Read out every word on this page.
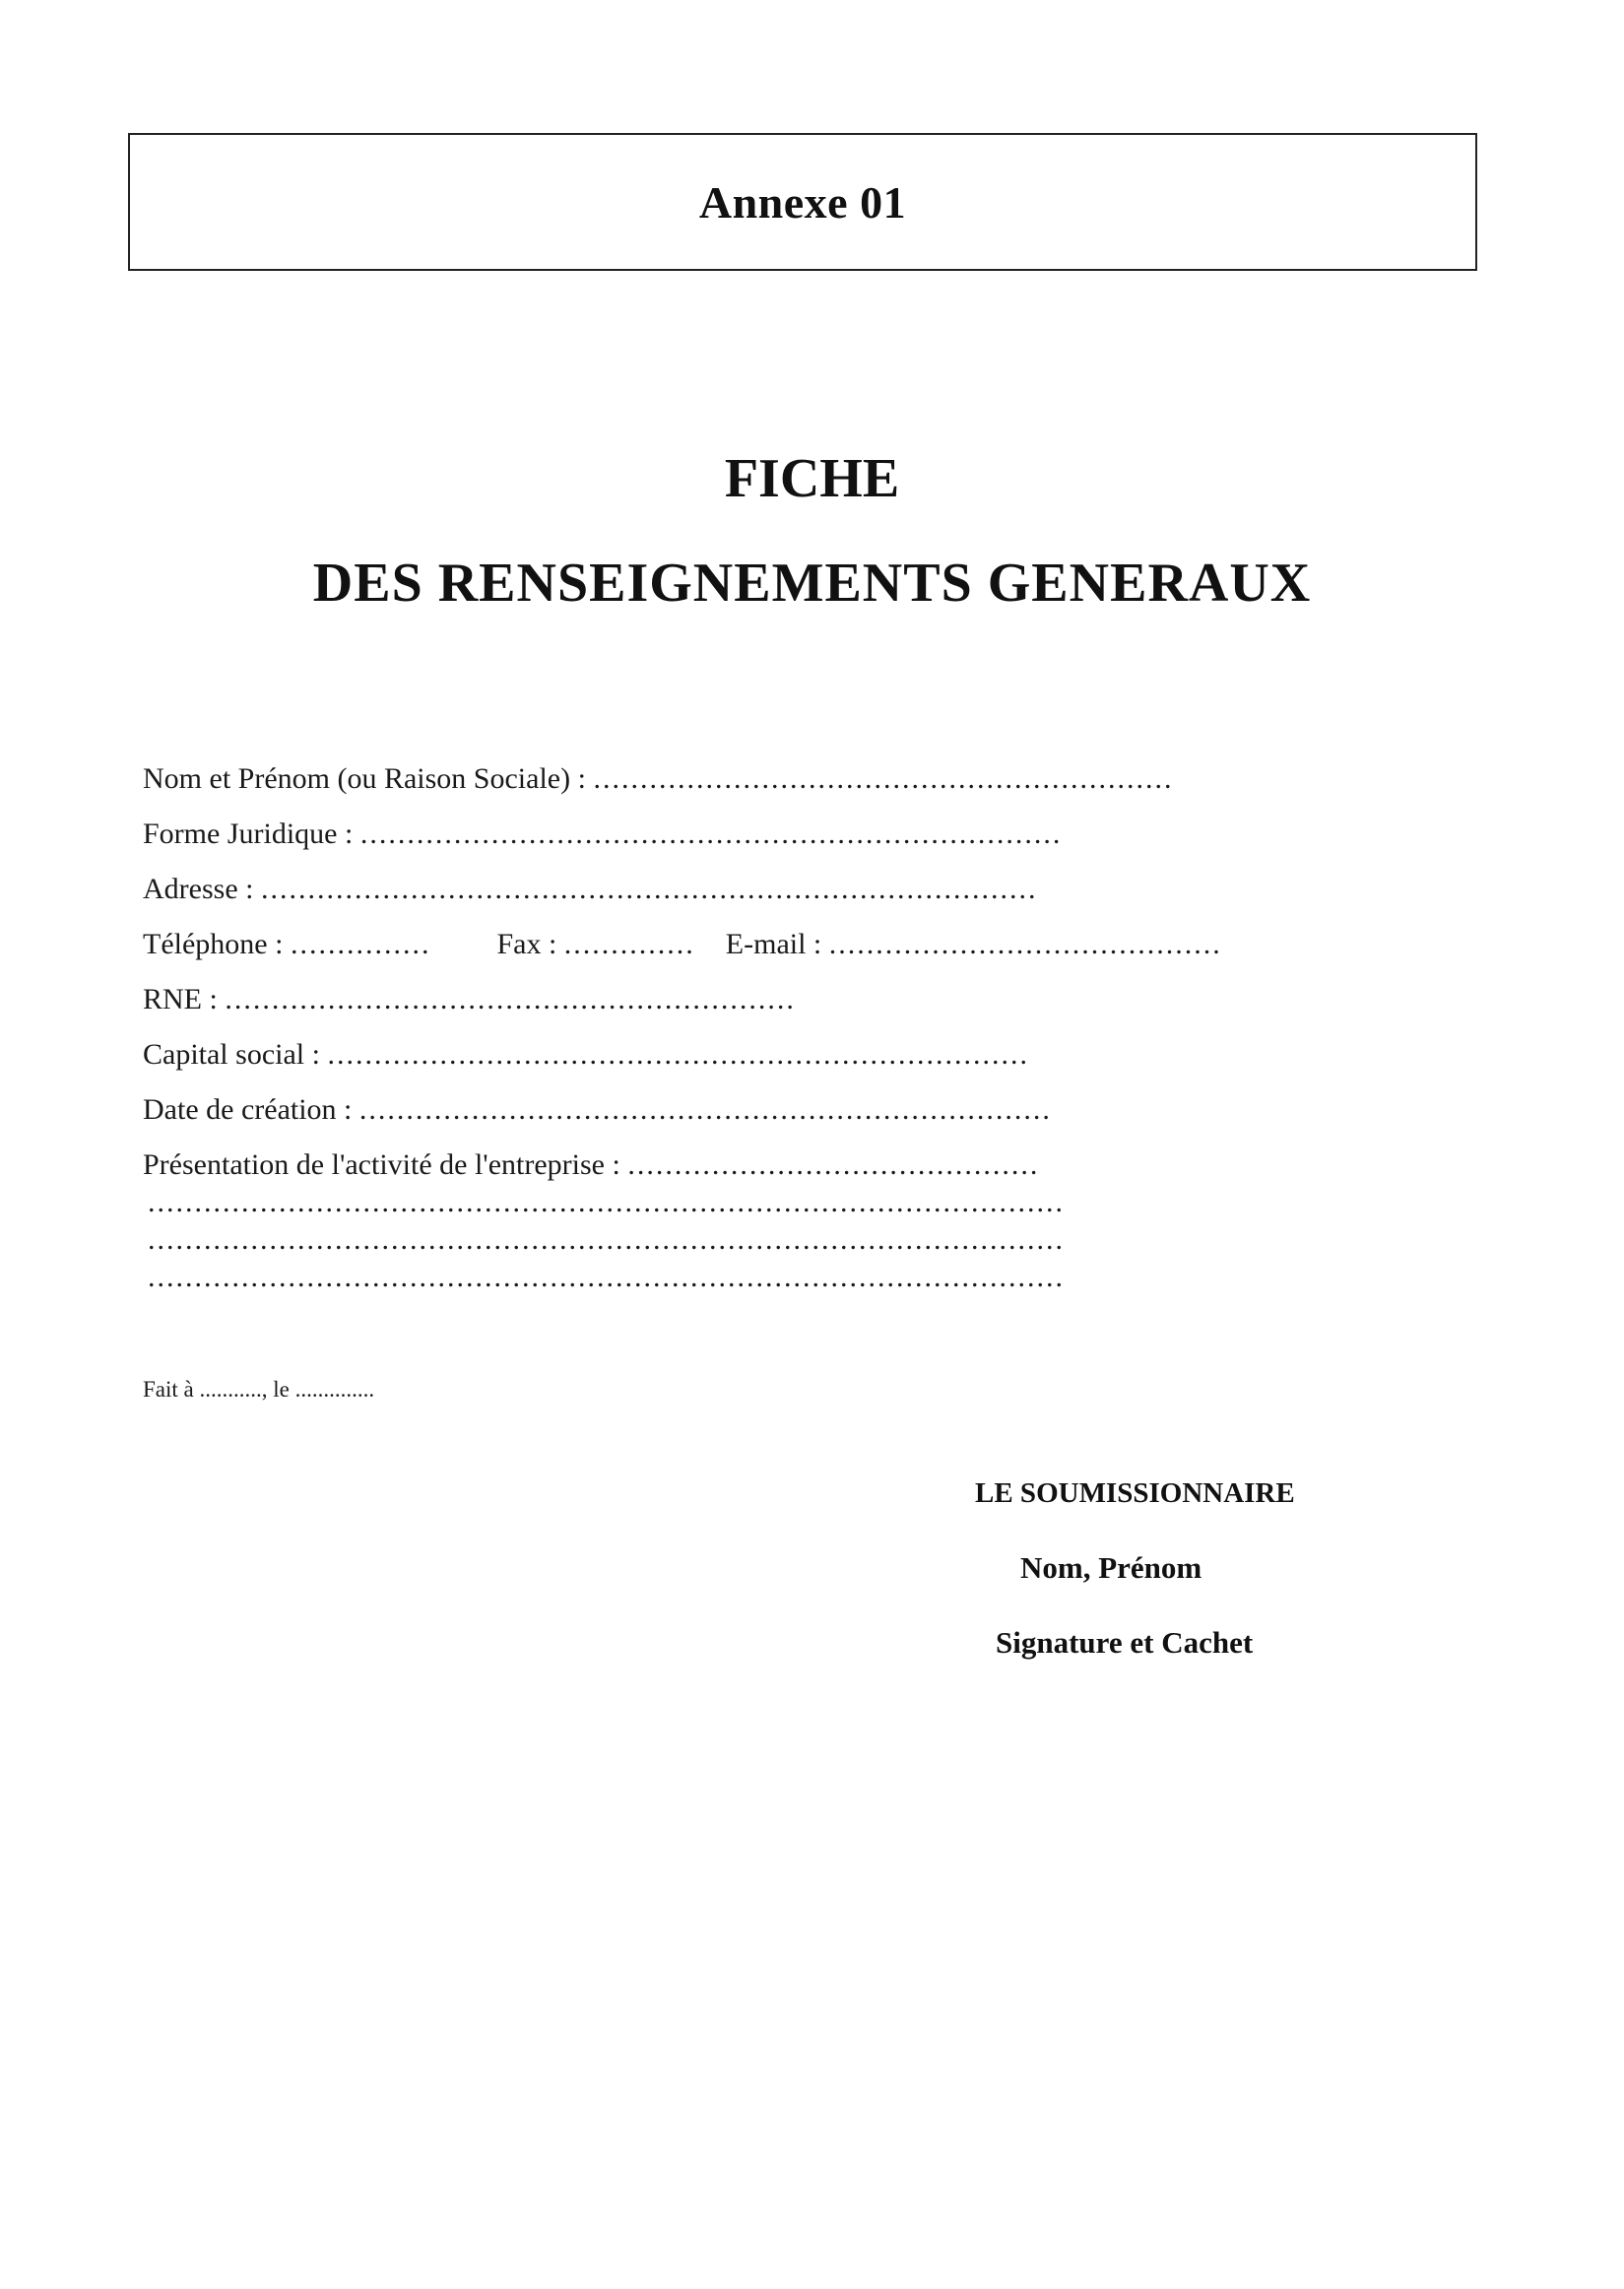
Annexe 01
FICHE
DES RENSEIGNEMENTS GENERAUX
Nom et Prénom (ou Raison Sociale) : ..............................................................
Forme Juridique : ...........................................................................
Adresse : ...................................................................................
Téléphone : ............... Fax : .............. E-mail : ..........................................
RNE : .............................................................
Capital social : ...........................................................................
Date de création : ..........................................................................
Présentation de l'activité de l'entreprise : ............................................
..................................................................................................
..................................................................................................
..................................................................................................
Fait à ..........., le ..............
LE SOUMISSIONNAIRE
Nom, Prénom
Signature et Cachet
